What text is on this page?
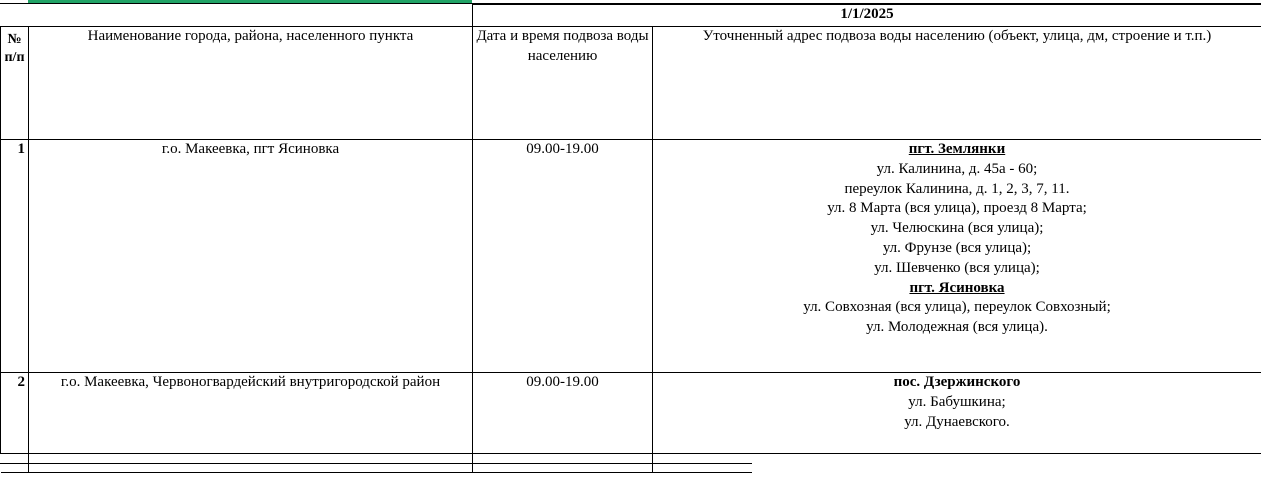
		1/1/2025	
№ п/п	Наименование города, района, населенного пункта	Дата и время подвоза воды населению	Уточненный адрес подвоза воды населению (объект, улица, дм, строение и т.п.)
1	г.о. Макеевка, пгт Ясиновка	09.00-19.00	пгт. Землянки
ул. Калинина, д. 45а - 60;
переулок Калинина, д. 1, 2, 3, 7, 11.
ул. 8 Марта (вся улица), проезд 8 Марта;
ул. Челюскина (вся улица);
ул. Фрунзе (вся улица);
ул. Шевченко (вся улица);
пгт. Ясиновка
ул. Совхозная (вся улица), переулок Совхозный;
ул. Молодежная (вся улица).

2	г.о. Макеевка, Червоногвардейский внутригородской район	09.00-19.00	пос. Дзержинского
ул. Бабушкина;
ул. Дунаевского.
